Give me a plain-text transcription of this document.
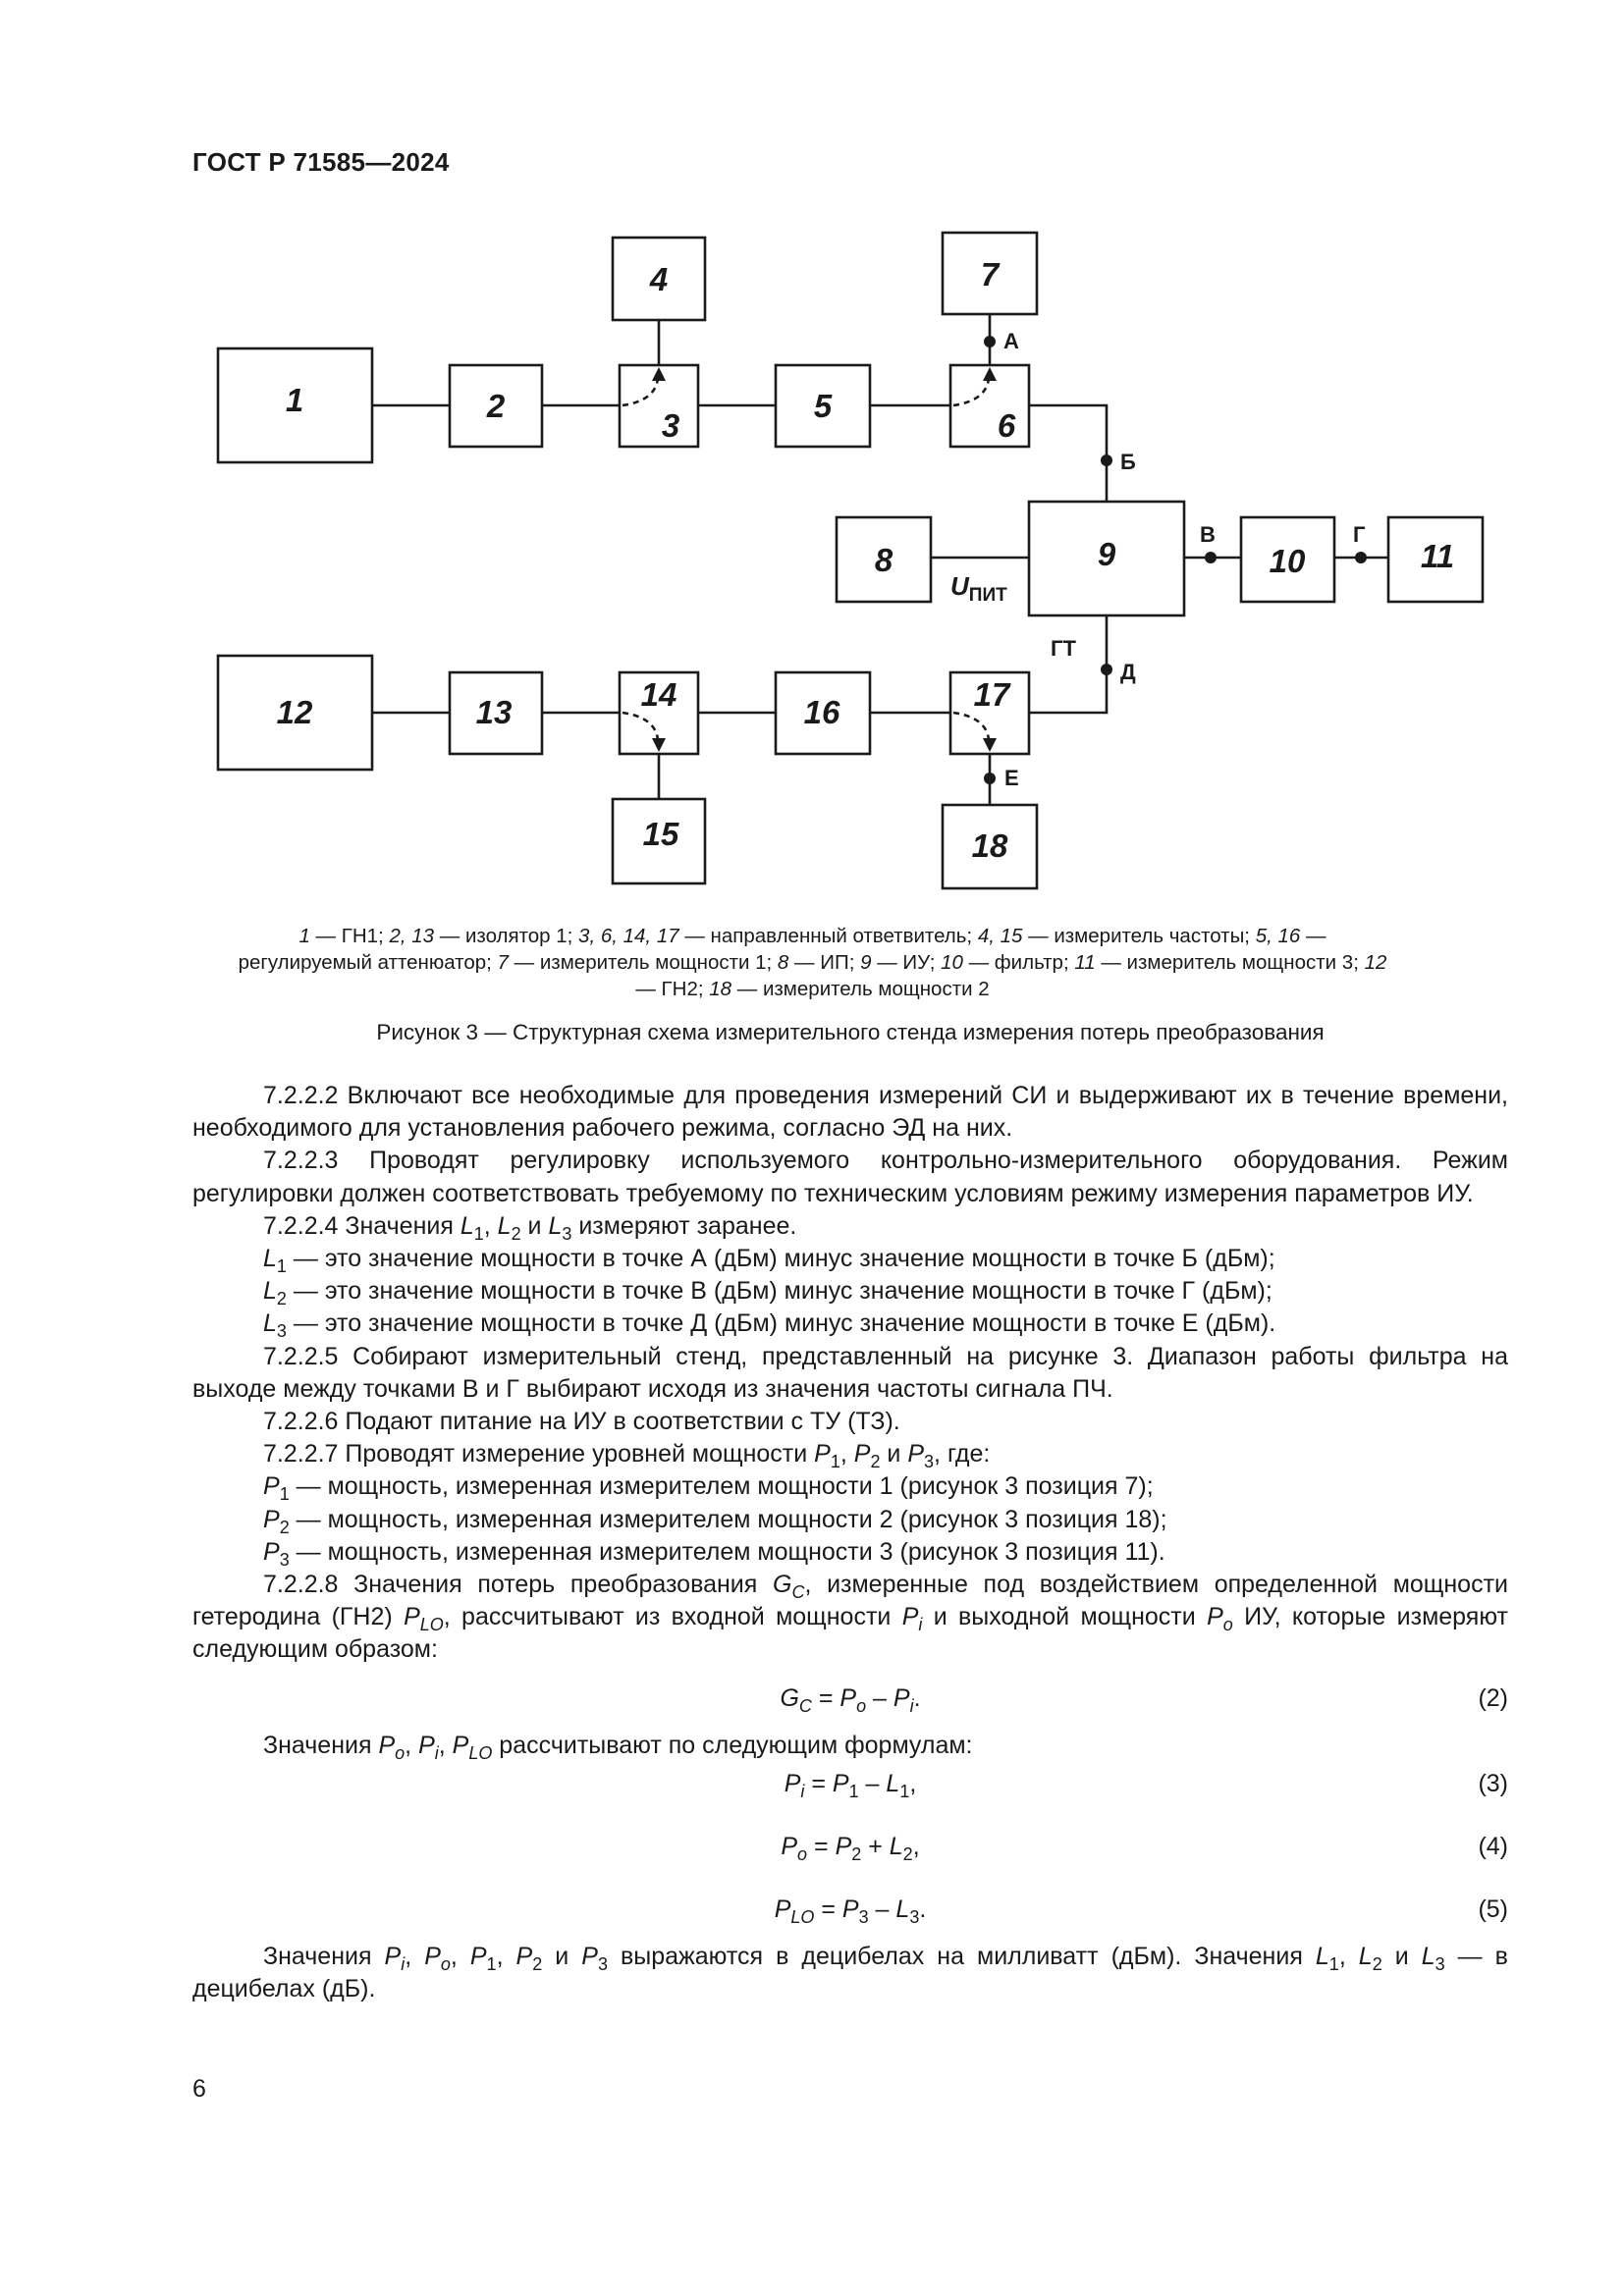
ГОСТ Р 71585—2024
1	2
3
4
5
6
7
8	9	10	11
12	13	14
15
16	17
18
А
Б
В	Г
Д
Е
UПИТ
ГТ
1 — ГН1; 2, 13 — изолятор 1; 3, 6, 14, 17 — направленный ответвитель; 4, 15 — измеритель частоты; 5, 16 — регулируемый аттенюатор; 7 — измеритель мощности 1; 8 — ИП; 9 — ИУ; 10 — фильтр; 11 — измеритель мощности 3; 12 — ГН2; 18 — измеритель мощности 2
Рисунок 3 — Структурная схема измерительного стенда измерения потерь преобразования

7.2.2.2 Включают все необходимые для проведения измерений СИ и выдерживают их в течение времени, необходимого для установления рабочего режима, согласно ЭД на них.

7.2.2.3 Проводят регулировку используемого контрольно-измерительного оборудования. Режим регулировки должен соответствовать требуемому по техническим условиям режиму измерения параметров ИУ.

7.2.2.4 Значения $L_1$, $L_2$ и $L_3$ измеряют заранее.

$L_1$ — это значение мощности в точке А (дБм) минус значение мощности в точке Б (дБм);

$L_2$ — это значение мощности в точке В (дБм) минус значение мощности в точке Г (дБм);

$L_3$ — это значение мощности в точке Д (дБм) минус значение мощности в точке Е (дБм).

7.2.2.5 Собирают измерительный стенд, представленный на рисунке 3. Диапазон работы фильтра на выходе между точками В и Г выбирают исходя из значения частоты сигнала ПЧ.

7.2.2.6 Подают питание на ИУ в соответствии с ТУ (ТЗ).

7.2.2.7 Проводят измерение уровней мощности $P_1$, $P_2$ и $P_3$, где:

$P_1$ — мощность, измеренная измерителем мощности 1 (рисунок 3 позиция 7);

$P_2$ — мощность, измеренная измерителем мощности 2 (рисунок 3 позиция 18);

$P_3$ — мощность, измеренная измерителем мощности 3 (рисунок 3 позиция 11).

7.2.2.8 Значения потерь преобразования $G_C$, измеренные под воздействием определенной мощности гетеродина (ГН2) $P_{LO}$, рассчитывают из входной мощности $P_i$ и выходной мощности $P_o$ ИУ, которые измеряют следующим образом:

$G_C = P_o - P_i$.	(2)

Значения $P_o$, $P_i$, $P_{LO}$ рассчитывают по следующим формулам:

$P_i = P_1 - L_1$,	(3)
$P_o = P_2 + L_2$,	(4)
$P_{LO} = P_3 - L_3$.	(5)

Значения $P_i$, $P_o$, $P_1$, $P_2$ и $P_3$ выражаются в децибелах на милливатт (дБм). Значения $L_1$, $L_2$ и $L_3$ — в децибелах (дБ).

6
